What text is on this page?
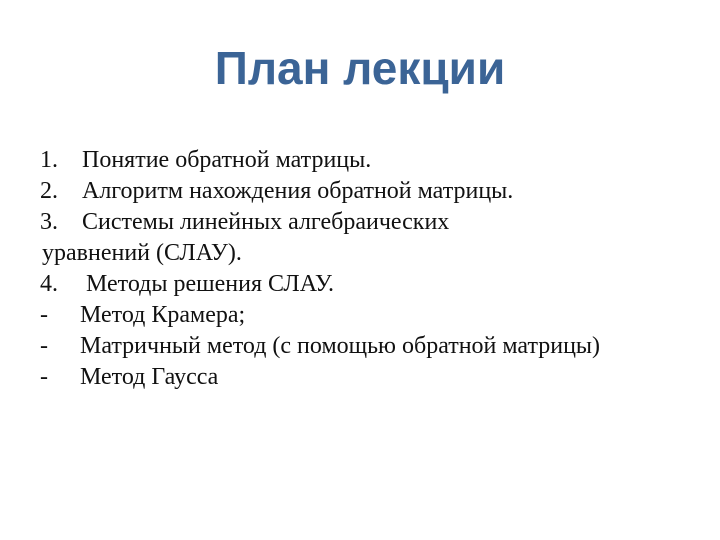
План лекции
1.	Понятие обратной матрицы.
2.	Алгоритм нахождения обратной матрицы.
3.	Системы линейных алгебраических
уравнений (СЛАУ).
4.	Методы решения СЛАУ.
-	Метод Крамера;
-	Матричный метод (с помощью обратной матрицы)
-	Метод Гаусса
